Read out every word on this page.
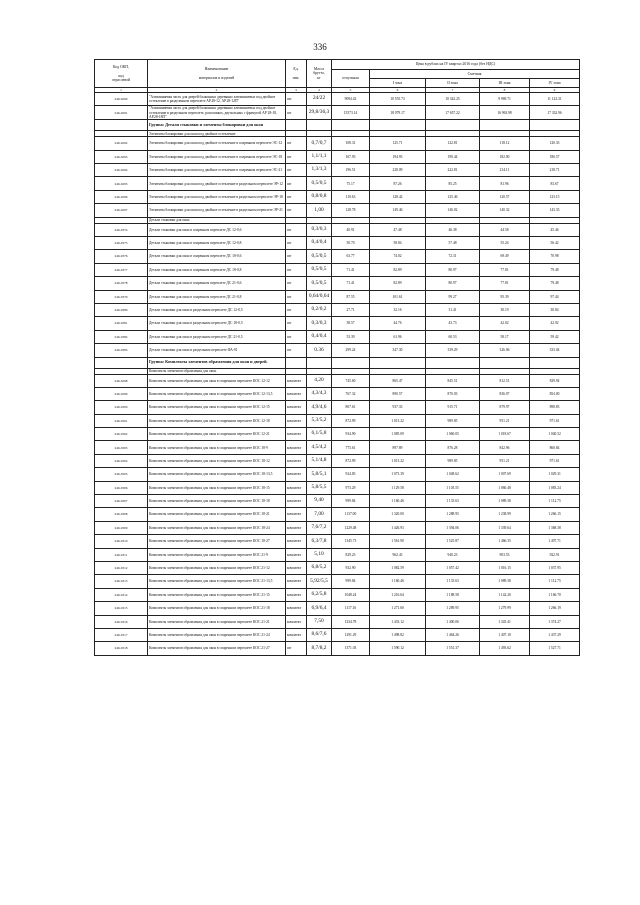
336
Код ОКП,

код
отраслевой	Наименование

материалов и изделий	Ед.

изм.	Масса
брутто,
кг	Цена в рублях на IV квартал 2016 года (без НДС)				
				отпускная	Сметная			
					I зона	II зона	III зона	IV зона
1	2	3	4	5	6	7	8	9
246-0290	"Алюминиевая часть для дверей балконных деревянно алюминиевых под двойное остекление в разделенном переплете АР.28-12, АР.28-12П"	шт.	24/22	9094.42	10 555.73	10 342.25	9 969.71	11 122.31
246-0291	"Алюминиевая часть для дверей балконных деревянно алюминиевых под двойное остекление в раздельном переплете, распашных, двупольных с фрамугой АР 28-18, АР.28-18П"	шт	29,8/36,3	15573.14	18 079.17	17 657.22	16 963.98	17 332.96
	Группа: Детали стыковки и элементы блокировки для окон							
	Элементы блокировки для окон под двойное остекление							
246-0292	Элементы блокировки для окон под двойное остекление в спаренном переплете ЭС-12	шт	0,7/0,7	108.31	125.71	122.81	118.12	120.33
246-0293	Элементы блокировки для окон под двойное остекление в спаренном переплете ЭС-18	шт	1,1/1,1	167.93	194.93	190.44	182.00	186.57
246-0294	Элементы блокировки для окон под двойное остекление в спаренном переплете ЭС-21	шт	1,3/1,3	196.51	228.09	222.81	214.11	218.71
246-0295	Элементы блокировки для окон под двойное остекление в раздельном переплете ЭР-12	шт	0,5/0,5	75.17	87.26	85.25	81.96	83.67
246-0296	Элементы блокировки для окон под двойное остекление в раздельном переплете ЭР-18	шт	0,8/0,8	110.63	128.42	125.46	120.57	123.15
246-0297	Элементы блокировки для окон под двойное остекление в раздельном переплете ЭР-21	шт	1,00	128.78	149.46	146.02	140.32	143.33
	Детали стыковки для окон							
246-0374	Детали стыковки для окон в спаренном переплете ДС 12-0,6	шт	0,3/0,3	40.91	47.48	46.38	44.58	45.46
246-0375	Детали стыковки для окон в спаренном переплете ДС 12-0,8	шт	0,4/0,4	50.70	58.84	57.48	55.24	56.42
246-0376	Детали стыковки для окон в спаренном переплете ДС 18-0,6	шт	0,5/0,5	63.77	74.02	72.31	69.49	70.98
246-0377	Детали стыковки для окон в спаренном переплете ДС 18-0,8	шт	0,5/0,5	71.41	82.89	80.97	77.81	79.48
246-0378	Детали стыковки для окон в спаренном переплете ДС 21-0,6	шт	0,5/0,5	71.41	82.89	80.97	77.81	79.48
246-0379	Детали стыковки для окон в спаренном переплете ДС 21-0,8	шт	0,64/0,64	87.55	101.61	99.27	95.39	97.44
246-0380	Детали стыковки для окон в раздельном переплете ДС 12-0,5	шт	0,2/0,2	27.71	32.16	31.41	30.19	30.84
246-0381	Детали стыковки для окон в раздельном переплете ДС 18-0,5	шт	0,3/0,3	38.57	44.76	43.73	42.02	42.92
246-0382	Детали стыковки для окон в раздельном переплете ДС 21-0,5	шт	0,4/0,4	53.39	61.96	60.53	58.17	59.42
246-0383	Детали стыковки для окон в раздельном переплете ФА-01	шт	0.36	299.24	347.30	339.29	326.06	333.04
	Группа: Комплекты элементов обрамления для окон и дверей.							
	Комплекты элементов обрамления для окон.							
246-0298	Комплекты элементов обрамления для окон в спаренном переплете КОС 12-12	комплект	4,20	745.60	865.47	845.51	812.51	829.94
246-0299	Комплекты элементов обрамления для окон в спаренном переплете КОС 12-13,5	комплект	4,3/4,3	767.32	890.57	870.03	836.07	854.00
246-0300	Комплекты элементов обрамления для окон в спаренном переплете КОС 12-15	комплект	4,9/4,6	807.61	937.33	915.71	879.97	898.83
246-0301	Комплекты элементов обрамления для окон в спаренном переплете КОС 12-18	комплект	5,3/5,2	872.99	1 013.22	989.85	951.21	971.61
246-0302	Комплекты элементов обрамления для окон в спаренном переплете КОС 12-21	комплект	6,1/5,8	934.90	1 085.09	1 060.05	1 018.67	1 040.52
246-0303	Комплекты элементов обрамления для окон в спаренном переплете КОС 18-9	комплект	4,5/4,2	773.61	897.89	876.28	842.96	860.84
246-0304	Комплекты элементов обрамления для окон в спаренном переплете КОС 18-12	комплект	5,1/4,8	872.99	1 013.22	989.85	951.21	971.61
246-0305	Комплекты элементов обрамления для окон в спаренном переплете КОС 18-13,5	комплект	5,8/5,1	924.83	1 073.39	1 048.62	1 007.69	1 029.31
246-0306	Комплекты элементов обрамления для окон в спаренном переплете КОС 18-15	комплект	5,8/5,5	973.29	1 129.58	1 103.55	1 060.48	1 083.24
246-0307	Комплекты элементов обрамления для окон в спаренном переплете КОС 18-18	комплект	9,40	999.84	1 160.46	1 133.63	1 089.38	1 112.75
246-0308	Комплекты элементов обрамления для окон в спаренном переплете КОС 18-21	комплект	7,00	1137.00	1 320.00	1 288.95	1 238.99	1 266.15
246-0309	Комплекты элементов обрамления для окон в спаренном переплете КОС 18-24	комплект	7,6/7,2	1229.48	1 426.93	1 394.06	1 339.64	1 368.38
246-0310	Комплекты элементов обрамления для окон в спаренном переплете КОС 18-27	комплект	6,3/7,8	1345.73	1 561.90	1 525.87	1 466.35	1 497.71
246-0311	Комплекты элементов обрамления для окон в спаренном переплете КОС 21-9	комплект	5,10	829.23	962.43	940.23	903.53	922.91
246-0312	Комплекты элементов обрамления для окон в спаренном переплете КОС 21-12	комплект	6,8/5,2	932.90	1 082.59	1 057.42	1 016.15	1 037.95
246-0313	Комплекты элементов обрамления для окон в спаренном переплете КОС 21-13,5	комплект	5,92/5,5	999.84	1 160.46	1 133.63	1 089.38	1 112.75
246-0314	Комплекты элементов обрамления для окон в спаренном переплете КОС 21-15	комплект	6,2/5,8	1048.24	1 216.64	1 188.58	1 142.20	1 166.70
246-0315	Комплекты элементов обрамления для окон в спаренном переплете КОС 21-18	комплект	6,9/6,4	1117.16	1 271.60	1 289.95	1 279.99	1 266.19
246-0316	Комплекты элементов обрамления для окон в спаренном переплете КОС 21-21	комплект	7,50	1234.78	1 433.12	1 400.06	1 345.41	1 374.27
246-0317	Комплекты элементов обрамления для окон в спаренном переплете КОС 21-24	комплект	8,6/7,6	1291.29	1 498.82	1 464.26	1 407.10	1 437.29
246-0318	Комплекты элементов обрамления для окон в спаренном переплете КОС 21-27	шт	8,7/8,2	1371.03	1 590.12	1 551.37	1 493.62	1 527.71
